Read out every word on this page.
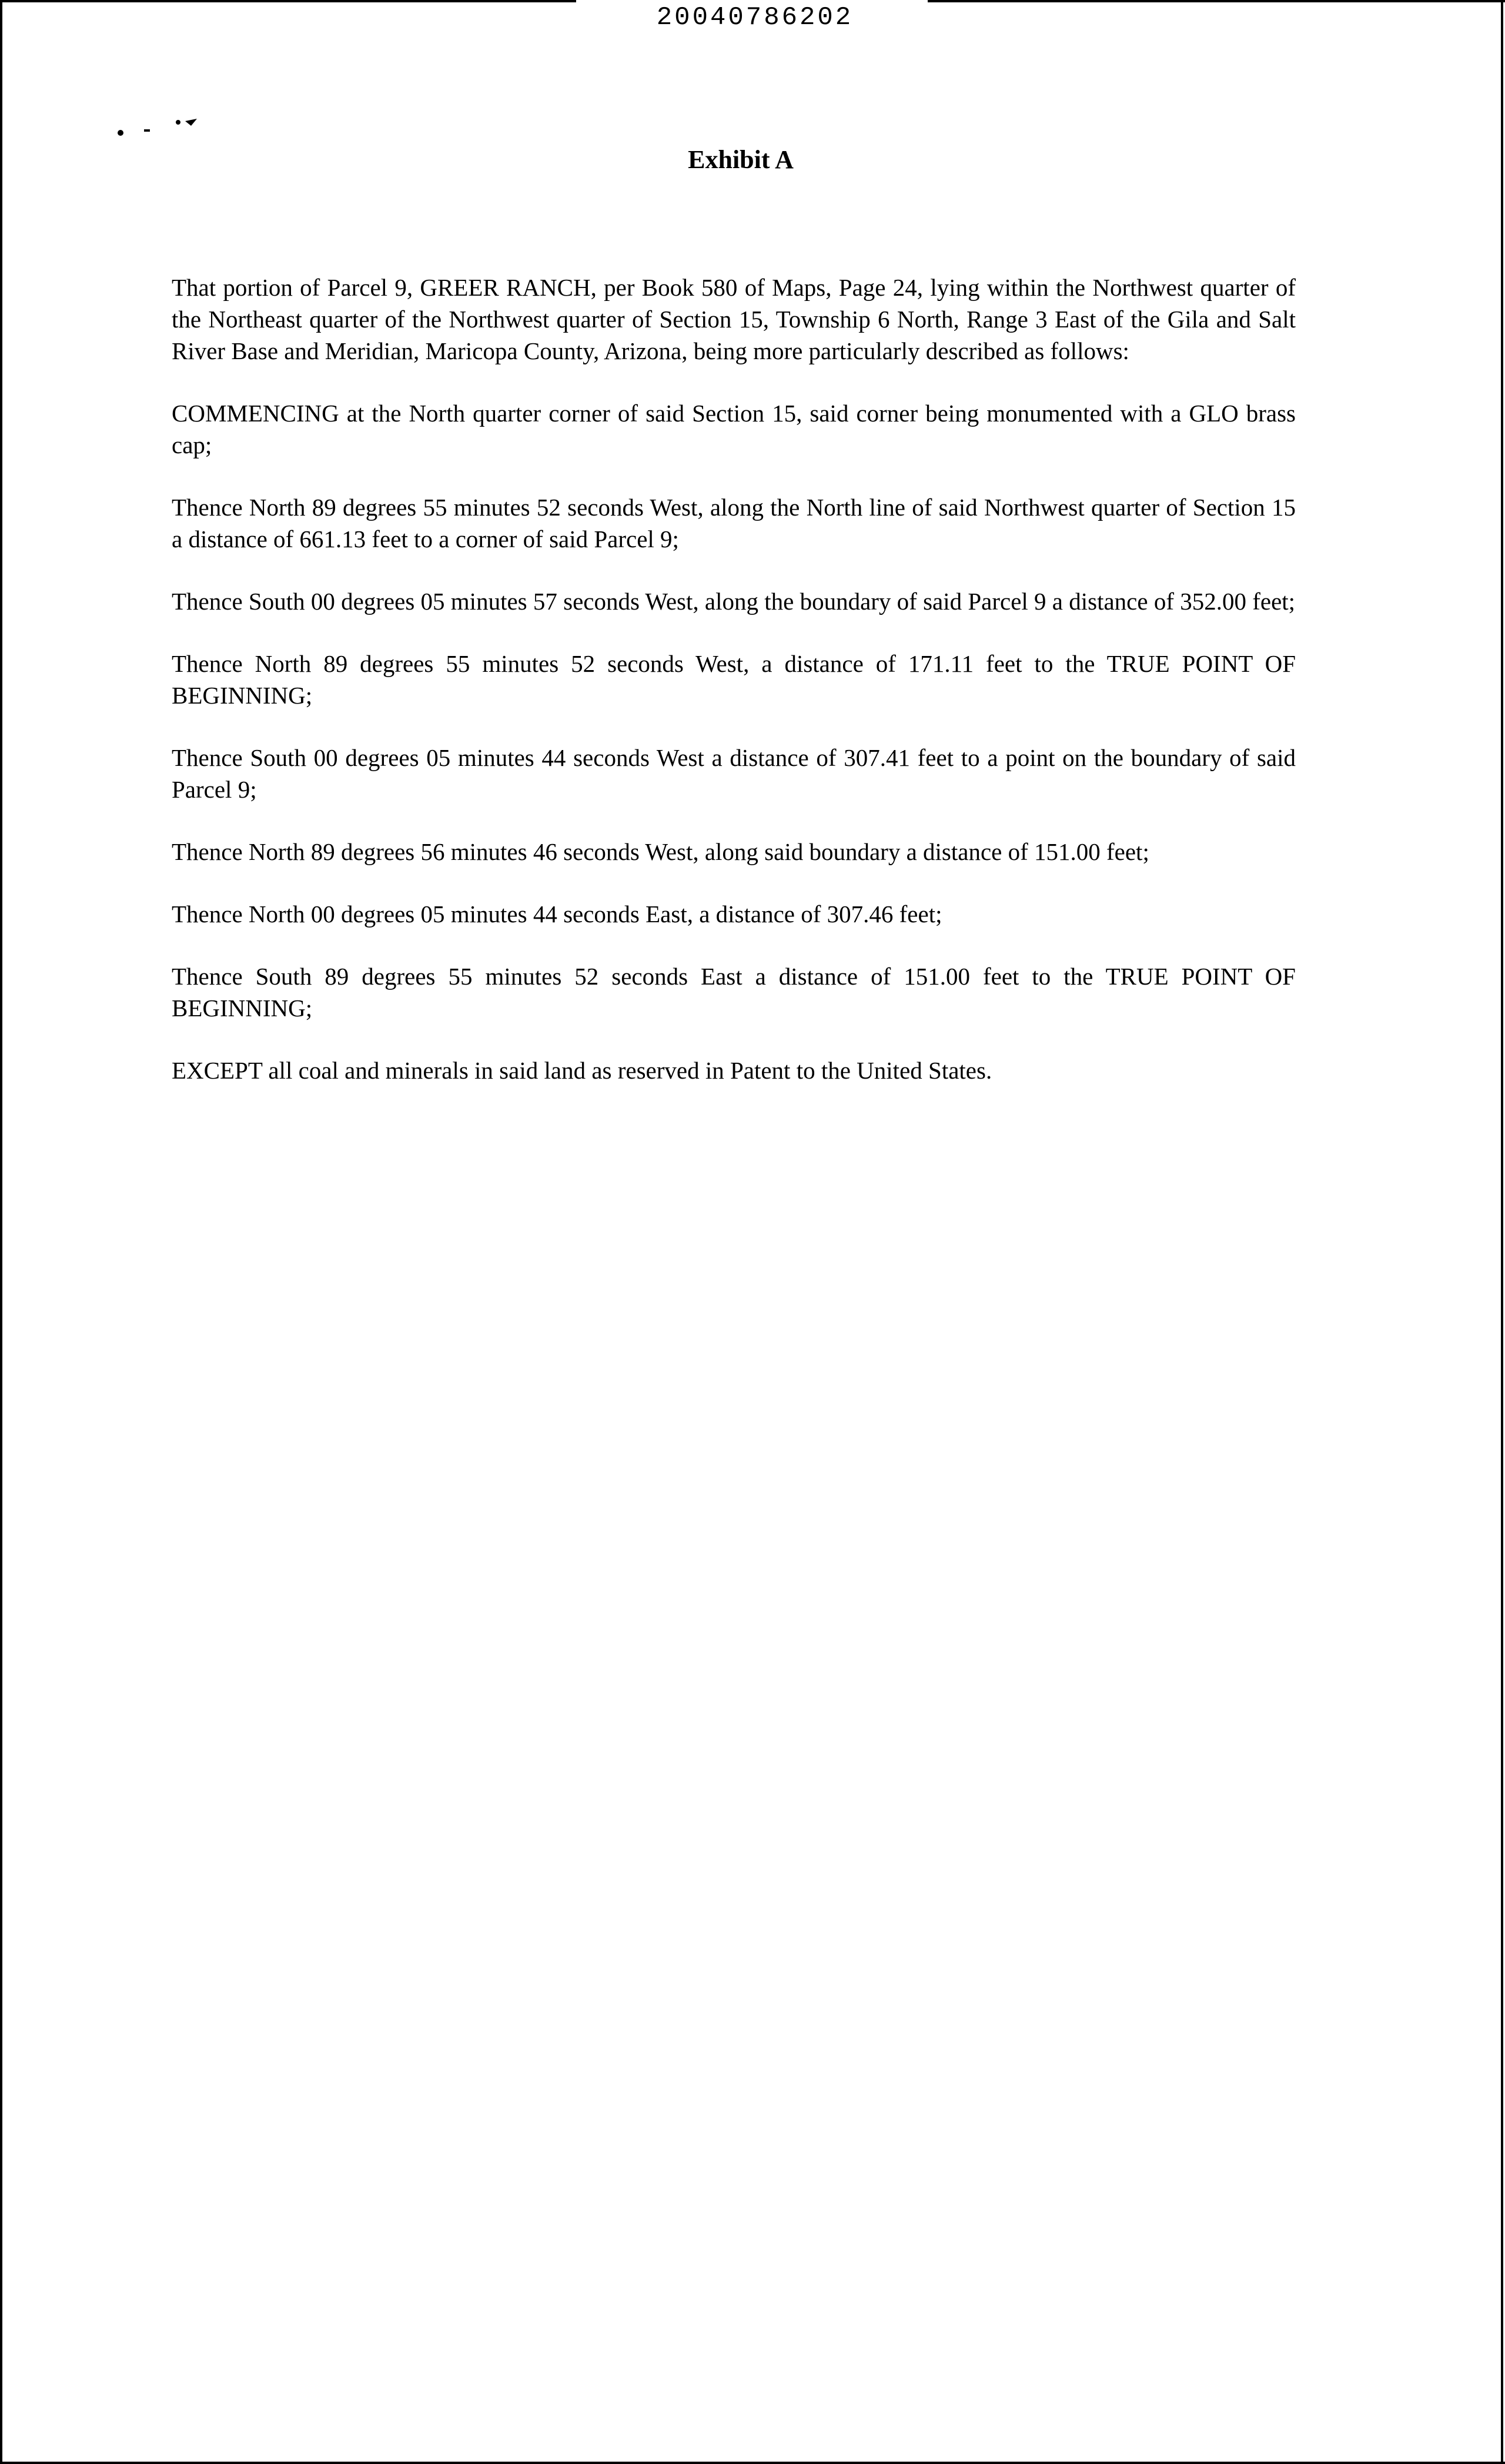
20040786202
Exhibit A

That portion of Parcel 9, GREER RANCH, per Book 580 of Maps, Page 24, lying within the Northwest quarter of the Northeast quarter of the Northwest quarter of Section 15, Township 6 North, Range 3 East of the Gila and Salt River Base and Meridian, Maricopa County, Arizona, being more particularly described as follows:

COMMENCING at the North quarter corner of said Section 15, said corner being monumented with a GLO brass cap;

Thence North 89 degrees 55 minutes 52 seconds West, along the North line of said Northwest quarter of Section 15 a distance of 661.13 feet to a corner of said Parcel 9;

Thence South 00 degrees 05 minutes 57 seconds West, along the boundary of said Parcel 9 a distance of 352.00 feet;

Thence North 89 degrees 55 minutes 52 seconds West, a distance of 171.11 feet to the TRUE POINT OF BEGINNING;

Thence South 00 degrees 05 minutes 44 seconds West a distance of 307.41 feet to a point on the boundary of said Parcel 9;

Thence North 89 degrees 56 minutes 46 seconds West, along said boundary a distance of 151.00 feet;

Thence North 00 degrees 05 minutes 44 seconds East, a distance of 307.46 feet;

Thence South 89 degrees 55 minutes 52 seconds East a distance of 151.00 feet to the TRUE POINT OF BEGINNING;

EXCEPT all coal and minerals in said land as reserved in Patent to the United States.
